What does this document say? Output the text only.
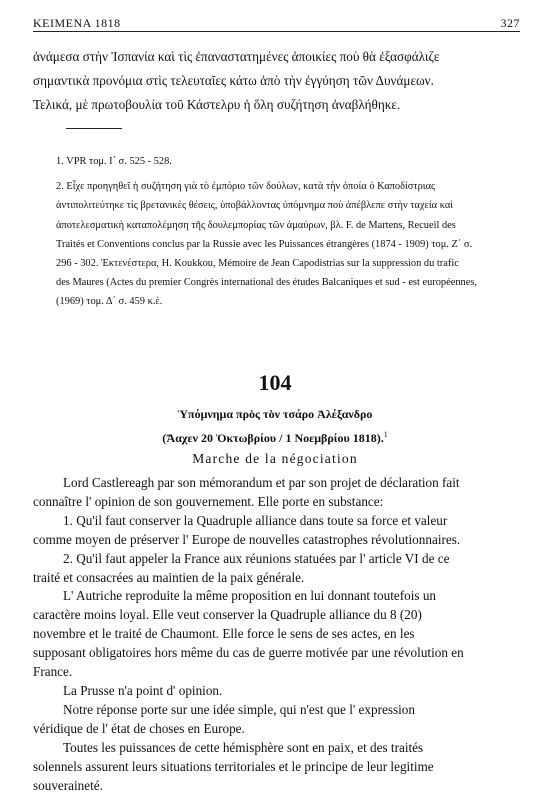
ΚΕΙΜΕΝΑ 1818	327
ἀνάμεσα στὴν Ἰσπανία καὶ τὶς ἐπαναστατημένες ἀποικίες ποὺ θὰ ἐξασφάλιζε
σημαντικὰ προνόμια στὶς τελευταῖες κάτω ἀπὸ τὴν ἐγγύηση τῶν Δυνάμεων.
Τελικά, μὲ πρωτοβουλία τοῦ Κάστελρυ ἡ ὅλη συζήτηση ἀναβλήθηκε.
1. VPR τομ. Ι΄ σ. 525 - 528.
2. Εἶχε προηγηθεῖ ἡ συζήτηση γιὰ τὸ ἐμπόριο τῶν δούλων, κατὰ τὴν ὁποία ὁ Καποδίστριας
ἀντιπολιτεύτηκε τὶς βρετανικὲς θέσεις, ὑποβάλλοντας ὑπόμνημα ποὺ ἀπέβλεπε στὴν ταχεία καὶ
ἀποτελεσματικὴ καταπολέμηση τῆς δουλεμπορίας τῶν ἀμαύρων, βλ. F. de Martens, Recueil des
Traités et Conventions conclus par la Russie avec les Puissances étrangères (1874 - 1909) τομ. Ζ΄ σ.
296 - 302. Ἐκτενέστερα, Η. Koukkou, Mémoire de Jean Capodistrias sur la suppression du trafic
des Maures (Actes du premier Congrès international des études Balcaniques et sud - est européennes,
(1969) τομ. Δ΄ σ. 459 κ.ἑ.
104
Ὑπόμνημα πρὸς τὸν τσάρο Ἀλέξανδρο
(Ἄαχεν 20 Ὀκτωβρίου / 1 Νοεμβρίου 1818).$^1$
Marche de la négociation
Lord Castlereagh par son mémorandum et par son projet de déclaration fait
connaître l' opinion de son gouvernement. Elle porte en substance:
1. Qu'il faut conserver la Quadruple alliance dans toute sa force et valeur
comme moyen de préserver l' Europe de nouvelles catastrophes révolutionnaires.
2. Qu'il faut appeler la France aux réunions statuées par l' article VI de ce
traité et consacrées au maintien de la paix générale.
L' Autriche reproduite la même proposition en lui donnant toutefois un
caractère moins loyal. Elle veut conserver la Quadruple alliance du 8 (20)
novembre et le traité de Chaumont. Elle force le sens de ses actes, en les
supposant obligatoires hors même du cas de guerre motivée par une révolution en
France.
La Prusse n'a point d' opinion.
Notre réponse porte sur une idée simple, qui n'est que l' expression
véridique de l' état de choses en Europe.
Toutes les puissances de cette hémisphère sont en paix, et des traités
solennels assurent leurs situations territoriales et le principe de leur legitime
souveraineté.
